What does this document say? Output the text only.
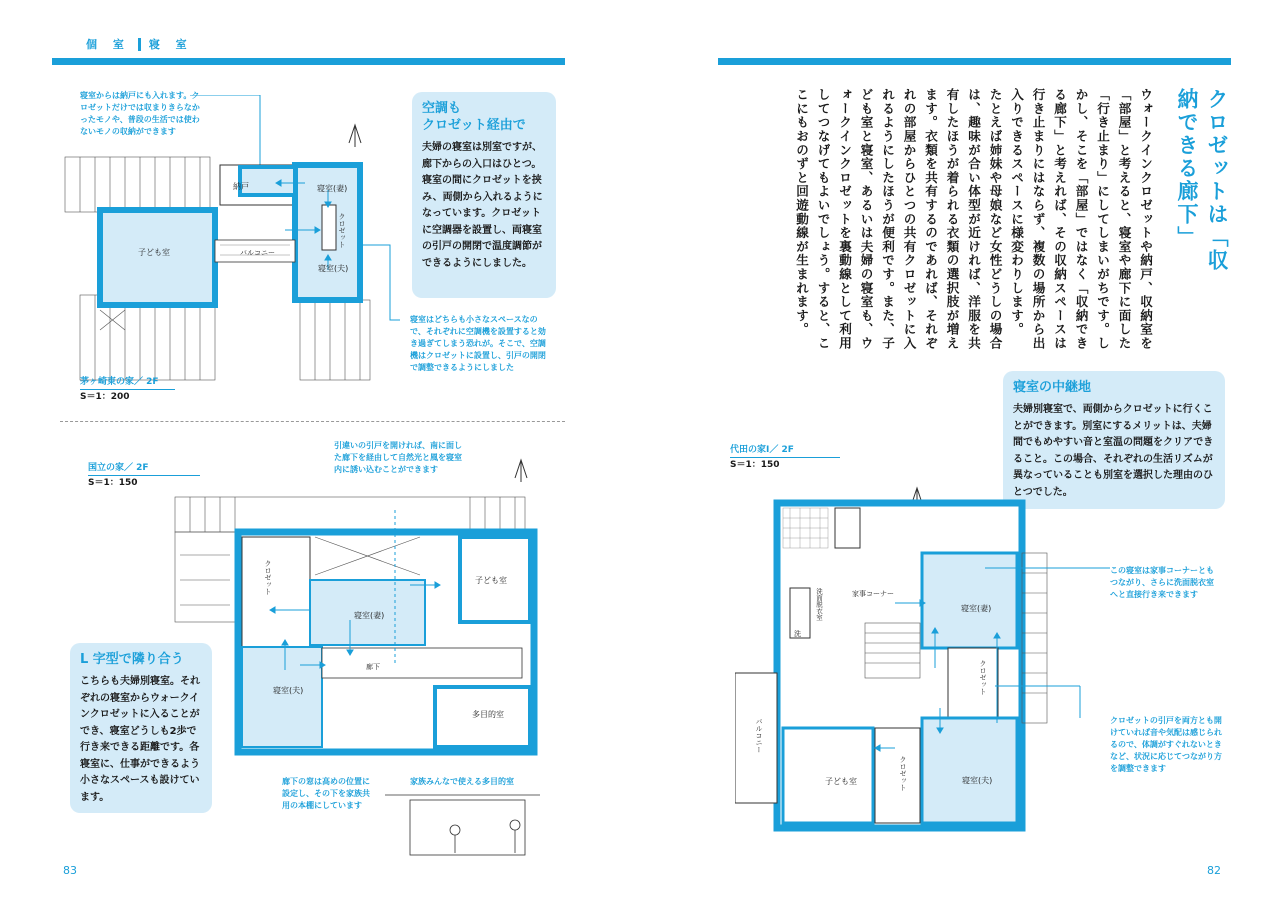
個 室 寝 室
寝室からは納戸にも入れます。クロゼットだけでは収まりきらなかったモノや、普段の生活では使わないモノの収納ができます
納戸	寝室(妻)
クロゼット
寝室(夫)
子ども室	バルコニー
茅ヶ崎東の家／ 2F
S＝1：200
空調も
クロゼット経由で
夫婦の寝室は別室ですが、廊下からの入口はひとつ。寝室の間にクロゼットを挟み、両側から入れるようになっています。クロゼットに空調器を設置し、両寝室の引戸の開閉で温度調節ができるようにしました。
寝室はどちらも小さなスペースなので、それぞれに空調機を設置すると効き過ぎてしまう恐れが。そこで、空調機はクロゼットに設置し、引戸の開閉で調整できるようにしました
国立の家／ 2F
S＝1：150
引違いの引戸を開ければ、南に面した廊下を経由して自然光と風を寝室内に誘い込むことができます
クロゼット
寝室(妻)
子ども室
廊下
寝室(夫)
多目的室
廊下の窓は高めの位置に設定し、その下を家族共用の本棚にしています
家族みんなで使える多目的室
L 字型で隣り合う
こちらも夫婦別寝室。それぞれの寝室からウォークインクロゼットに入ることができ、寝室どうしも2歩で行き来できる距離です。各寝室に、仕事ができるよう小さなスペースも設けています。
83
クロゼットは「収納できる廊下」
ウォークインクロゼットや納戸、収納室を「部屋」と考えると、寝室や廊下に面した「行き止まり」にしてしまいがちです。しかし、そこを「部屋」ではなく「収納できる廊下」と考えれば、その収納スペースは行き止まりにはならず、複数の場所から出入りできるスペースに様変わりします。　たとえば姉妹や母娘など女性どうしの場合は、趣味が合い体型が近ければ、洋服を共有したほうが着られる衣類の選択肢が増えます。衣類を共有するのであれば、それぞれの部屋からひとつの共有クロゼットに入れるようにしたほうが便利です。また、子ども室と寝室、あるいは夫婦の寝室も、ウォークインクロゼットを裏動線として利用してつなげてもよいでしょう。すると、ここにもおのずと回遊動線が生まれます。
寝室の中継地
夫婦別寝室で、両側からクロゼットに行くことができます。別室にするメリットは、夫婦間でもめやすい音と室温の問題をクリアできること。この場合、それぞれの生活リズムが異なっていることも別室を選択した理由のひとつでした。
代田の家Ⅰ／ 2F
S＝1：150
洗面脱衣室
洗
家事コーナー
寝室(妻)
クロゼット
バルコニー
子ども室	クロゼット	寝室(夫)
この寝室は家事コーナーともつながり、さらに洗面脱衣室へと直接行き来できます
クロゼットの引戸を両方とも開けていれば音や気配は感じられるので、体調がすぐれないときなど、状況に応じてつながり方を調整できます
82
